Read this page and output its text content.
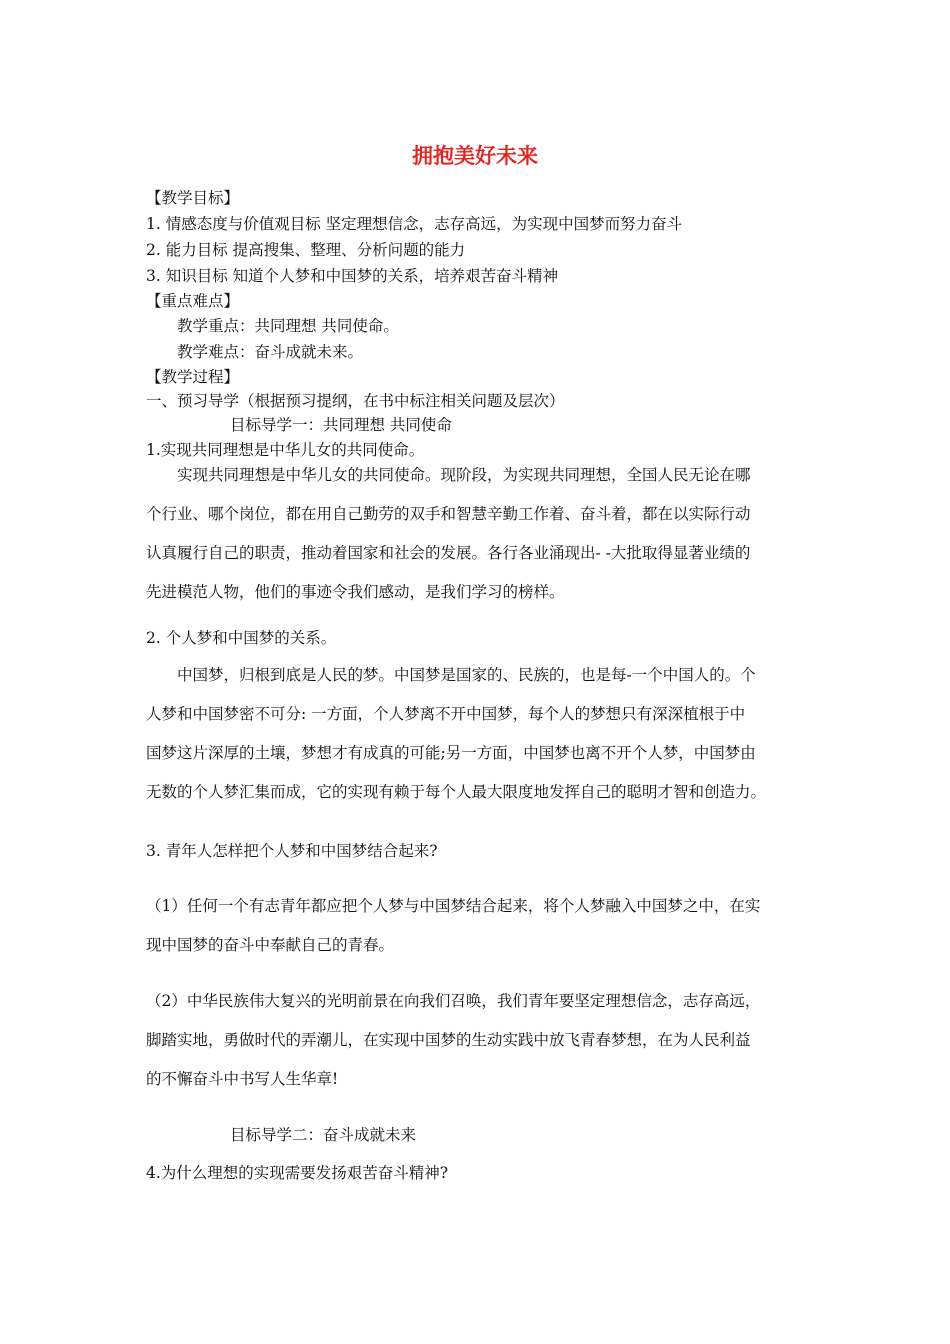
拥抱美好未来
【教学目标】
1. 情感态度与价值观目标 坚定理想信念，志存高远，为实现中国梦而努力奋斗
2. 能力目标 提高搜集、整理、分析问题的能力
3. 知识目标 知道个人梦和中国梦的关系，培养艰苦奋斗精神
【重点难点】
教学重点：共同理想 共同使命。
教学难点：奋斗成就未来。
【教学过程】
一、预习导学（根据预习提纲，在书中标注相关问题及层次）
目标导学一：共同理想 共同使命
1.实现共同理想是中华儿女的共同使命。
实现共同理想是中华儿女的共同使命。现阶段，为实现共同理想，全国人民无论在哪
个行业、哪个岗位，都在用自己勤劳的双手和智慧辛勤工作着、奋斗着，都在以实际行动
认真履行自己的职责，推动着国家和社会的发展。各行各业涌现出- -大批取得显著业绩的
先进模范人物，他们的事迹令我们感动，是我们学习的榜样。
2. 个人梦和中国梦的关系。
中国梦，归根到底是人民的梦。中国梦是国家的、民族的，也是每-一个中国人的。个
人梦和中国梦密不可分: 一方面，个人梦离不开中国梦，每个人的梦想只有深深植根于中
国梦这片深厚的土壤，梦想才有成真的可能;另一方面，中国梦也离不开个人梦，中国梦由
无数的个人梦汇集而成，它的实现有赖于每个人最大限度地发挥自己的聪明才智和创造力。
3. 青年人怎样把个人梦和中国梦结合起来?
（1）任何一个有志青年都应把个人梦与中国梦结合起来，将个人梦融入中国梦之中，在实
现中国梦的奋斗中奉献自己的青春。
（2）中华民族伟大复兴的光明前景在向我们召唤，我们青年要坚定理想信念，志存高远，
脚踏实地，勇做时代的弄潮儿，在实现中国梦的生动实践中放飞青春梦想，在为人民利益
的不懈奋斗中书写人生华章!
目标导学二：奋斗成就未来
4.为什么理想的实现需要发扬艰苦奋斗精神?
